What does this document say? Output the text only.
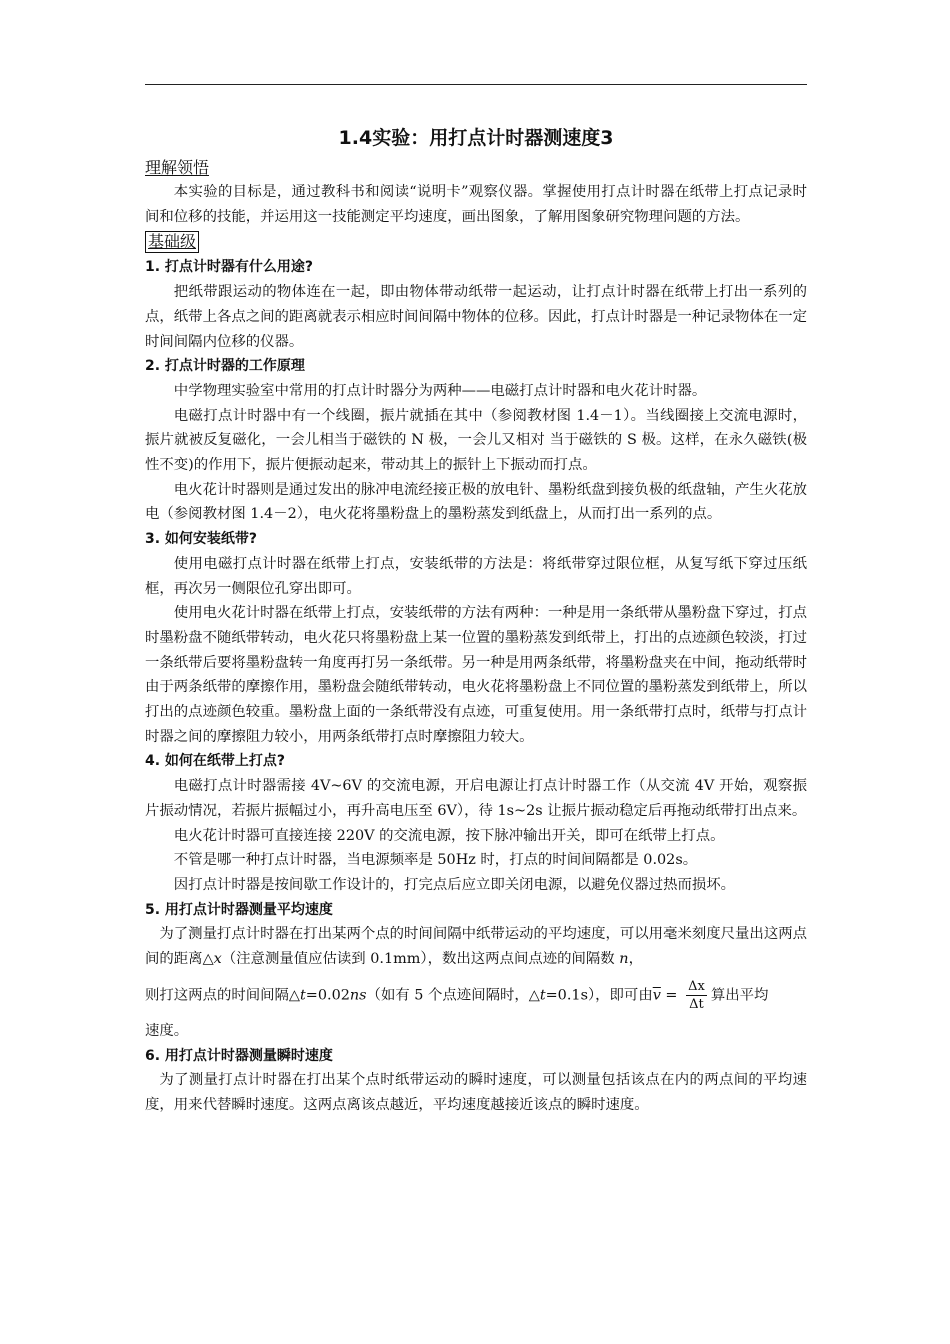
1.4实验：用打点计时器测速度3
理解领悟

本实验的目标是，通过教科书和阅读“说明卡”观察仪器。掌握使用打点计时器在纸带上打点记录时间和位移的技能，并运用这一技能测定平均速度，画出图象，了解用图象研究物理问题的方法。

基础级
1. 打点计时器有什么用途?

把纸带跟运动的物体连在一起，即由物体带动纸带一起运动，让打点计时器在纸带上打出一系列的点，纸带上各点之间的距离就表示相应时间间隔中物体的位移。因此，打点计时器是一种记录物体在一定时间间隔内位移的仪器。

2. 打点计时器的工作原理

中学物理实验室中常用的打点计时器分为两种——电磁打点计时器和电火花计时器。

电磁打点计时器中有一个线圈，振片就插在其中（参阅教材图 1.4－1）。当线圈接上交流电源时，振片就被反复磁化，一会儿相当于磁铁的 N 极，一会儿又相对 当于磁铁的 S 极。这样，在永久磁铁(极性不变)的作用下，振片便振动起来，带动其上的振针上下振动而打点。

电火花计时器则是通过发出的脉冲电流经接正极的放电针、墨粉纸盘到接负极的纸盘轴，产生火花放电（参阅教材图 1.4－2），电火花将墨粉盘上的墨粉蒸发到纸盘上，从而打出一系列的点。

3. 如何安装纸带?

使用电磁打点计时器在纸带上打点，安装纸带的方法是：将纸带穿过限位框，从复写纸下穿过压纸框，再次另一侧限位孔穿出即可。

使用电火花计时器在纸带上打点，安装纸带的方法有两种：一种是用一条纸带从墨粉盘下穿过，打点时墨粉盘不随纸带转动，电火花只将墨粉盘上某一位置的墨粉蒸发到纸带上，打出的点迹颜色较淡，打过一条纸带后要将墨粉盘转一角度再打另一条纸带。另一种是用两条纸带，将墨粉盘夹在中间，拖动纸带时由于两条纸带的摩擦作用，墨粉盘会随纸带转动，电火花将墨粉盘上不同位置的墨粉蒸发到纸带上，所以打出的点迹颜色较重。墨粉盘上面的一条纸带没有点迹，可重复使用。用一条纸带打点时，纸带与打点计时器之间的摩擦阻力较小，用两条纸带打点时摩擦阻力较大。

4. 如何在纸带上打点?

电磁打点计时器需接 4V~6V 的交流电源，开启电源让打点计时器工作（从交流 4V 开始，观察振片振动情况，若振片振幅过小，再升高电压至 6V），待 1s~2s 让振片振动稳定后再拖动纸带打出点来。

电火花计时器可直接连接 220V 的交流电源，按下脉冲输出开关，即可在纸带上打点。

不管是哪一种打点计时器，当电源频率是 50Hz 时，打点的时间间隔都是 0.02s。

因打点计时器是按间歇工作设计的，打完点后应立即关闭电源，以避免仪器过热而损坏。

5. 用打点计时器测量平均速度

为了测量打点计时器在打出某两个点的时间间隔中纸带运动的平均速度，可以用毫米刻度尺量出这两点间的距离△x（注意测量值应估读到 0.1mm），数出这两点间点迹的间隔数 n，

则打这两点的时间间隔△t=0.02ns（如有 5 个点迹间隔时，△t=0.1s），即可由$\overline{v} = \frac{\Delta x}{\Delta t}$ 算出平均

速度。

6. 用打点计时器测量瞬时速度

为了测量打点计时器在打出某个点时纸带运动的瞬时速度，可以测量包括该点在内的两点间的平均速度，用来代替瞬时速度。这两点离该点越近，平均速度越接近该点的瞬时速度。
